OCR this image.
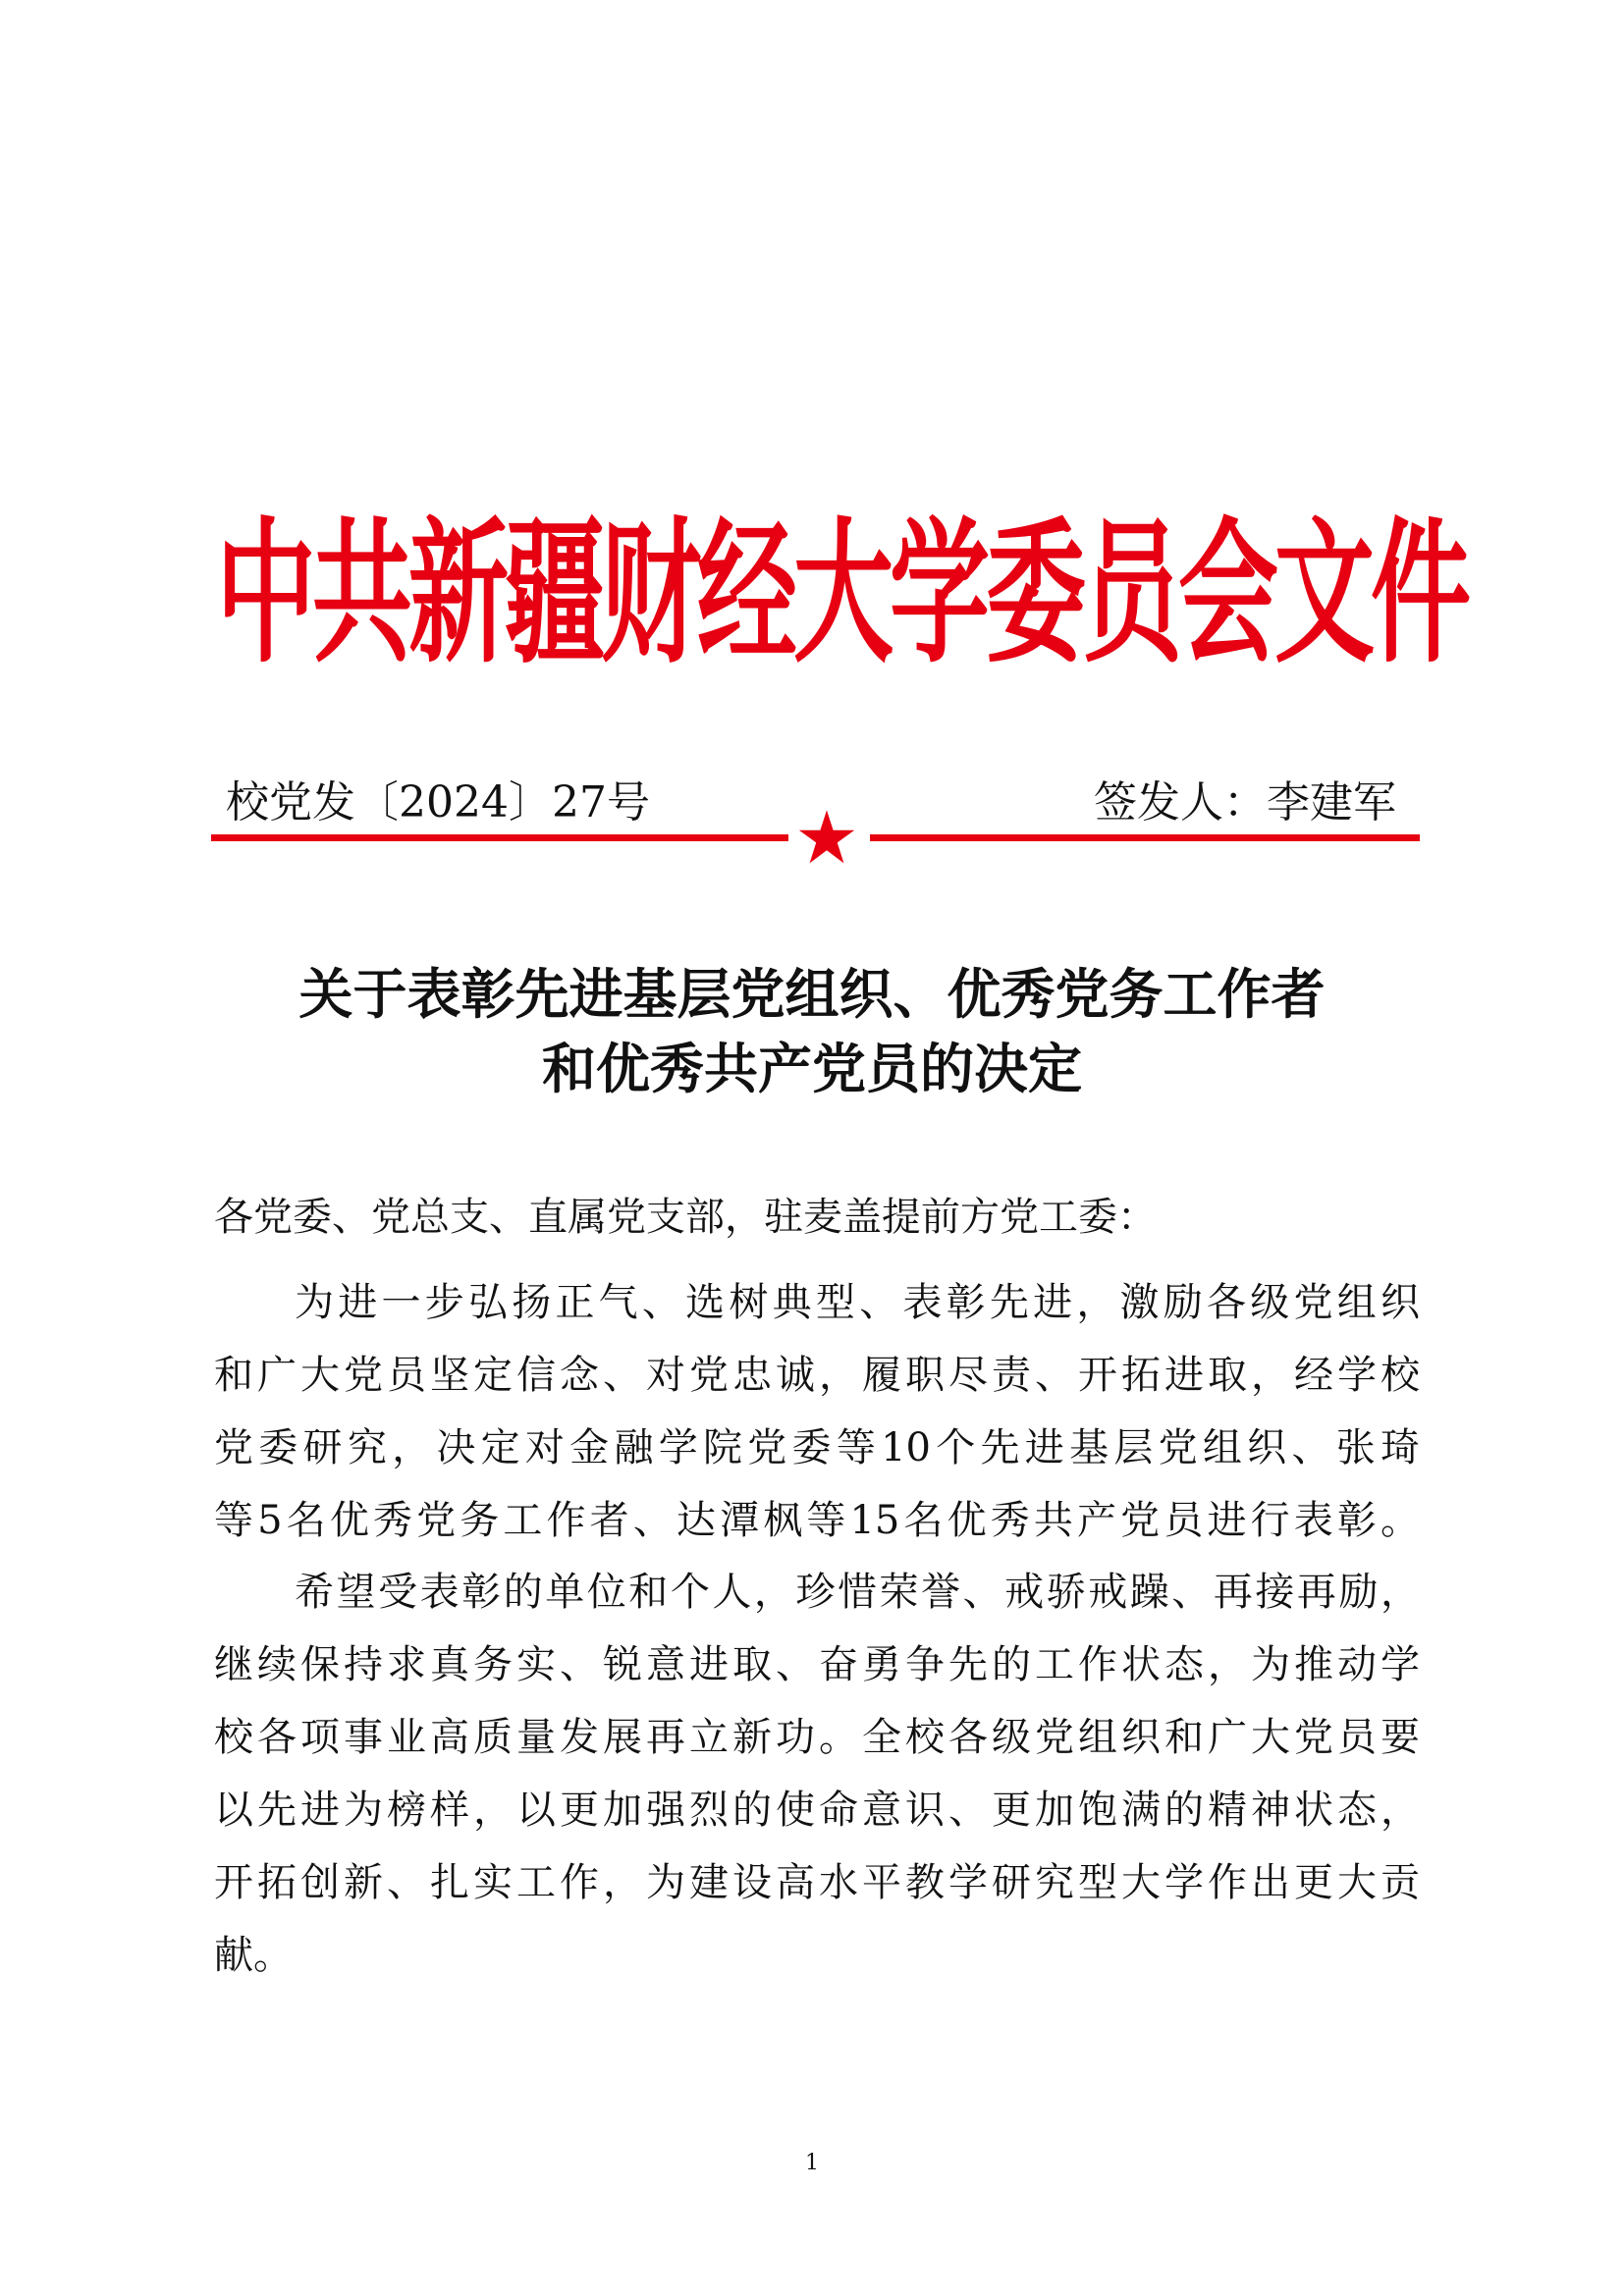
中共新疆财经大学委员会文件
校党发〔2024〕27号	签发人：李建军
关于表彰先进基层党组织、优秀党务工作者
和优秀共产党员的决定
各党委、党总支、直属党支部，驻麦盖提前方党工委：
为进一步弘扬正气、选树典型、表彰先进，激励各级党组织
和广大党员坚定信念、对党忠诚，履职尽责、开拓进取，经学校
党委研究，决定对金融学院党委等10个先进基层党组织、张琦
等5名优秀党务工作者、达潭枫等15名优秀共产党员进行表彰。
希望受表彰的单位和个人，珍惜荣誉、戒骄戒躁、再接再励，
继续保持求真务实、锐意进取、奋勇争先的工作状态，为推动学
校各项事业高质量发展再立新功。全校各级党组织和广大党员要
以先进为榜样，以更加强烈的使命意识、更加饱满的精神状态，
开拓创新、扎实工作，为建设高水平教学研究型大学作出更大贡
献。
1
